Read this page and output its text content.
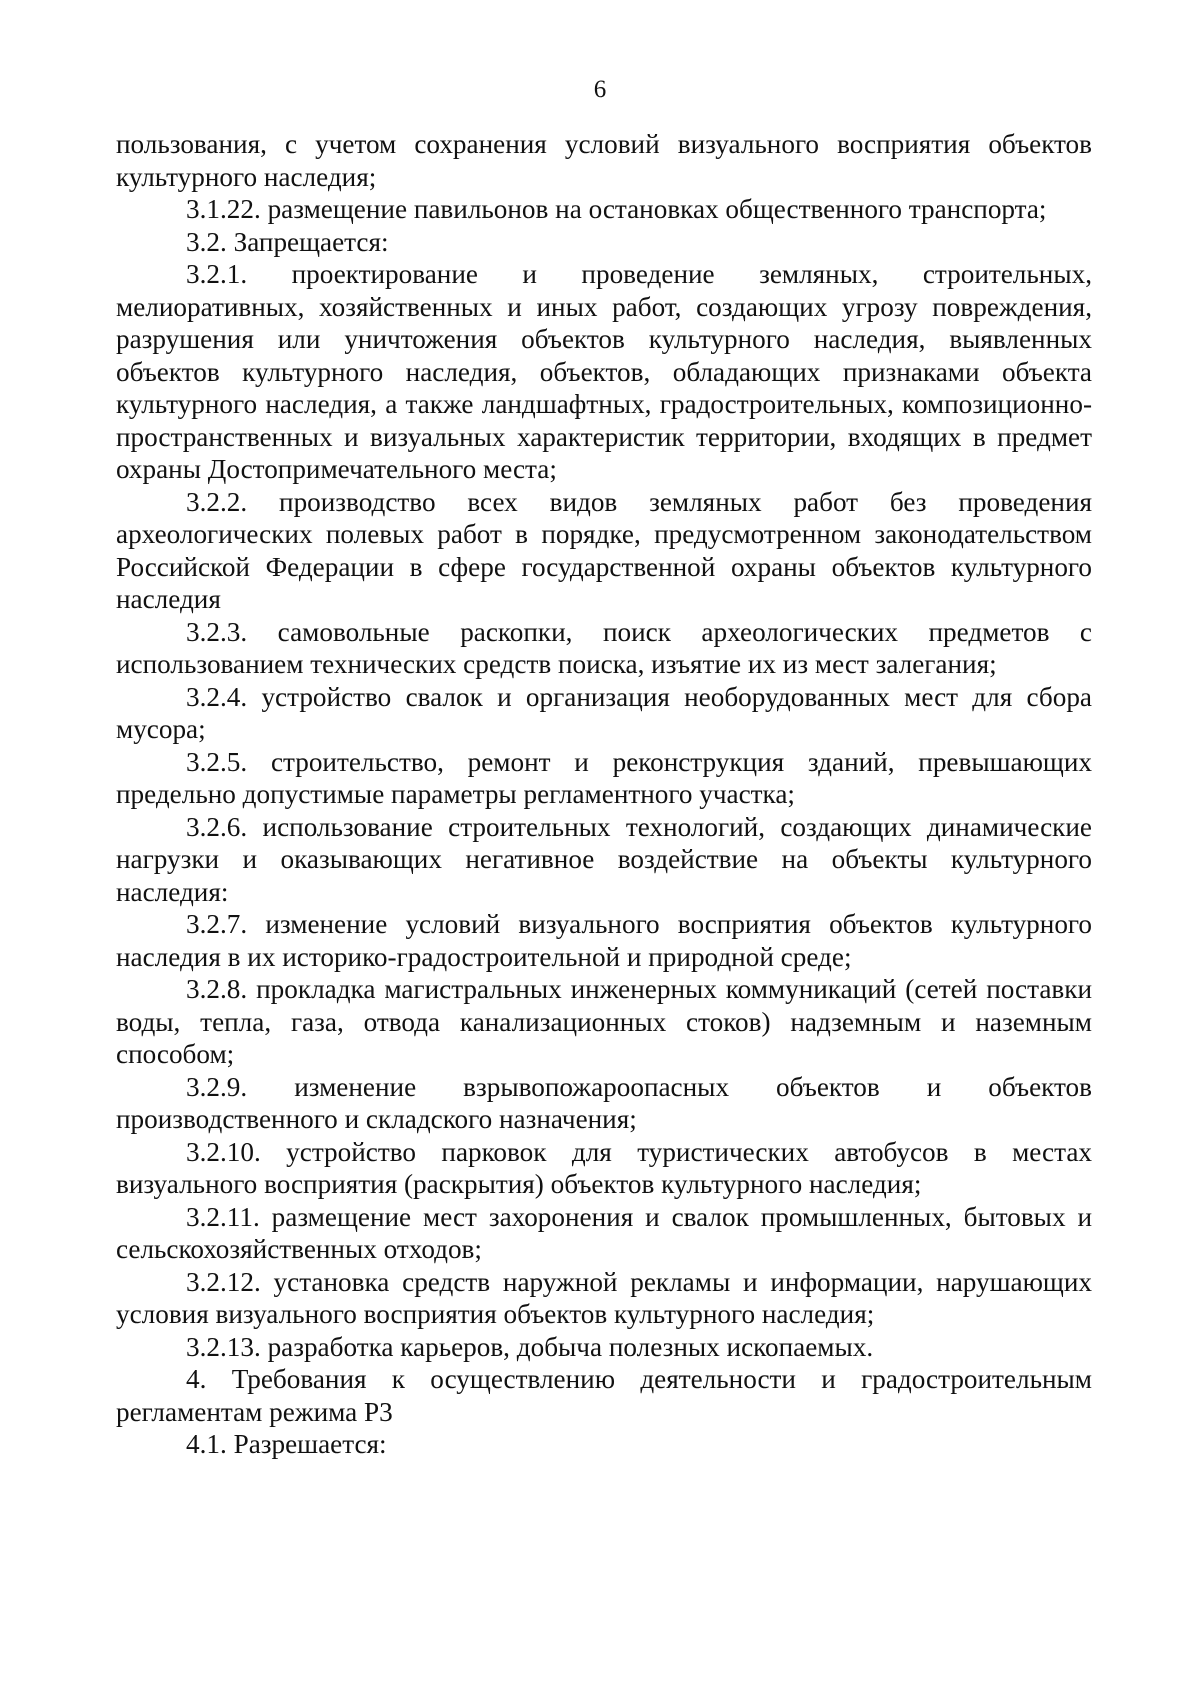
6

пользования, с учетом сохранения условий визуального восприятия объектов культурного наследия;

3.1.22. размещение павильонов на остановках общественного транспорта;

3.2. Запрещается:

3.2.1. проектирование и проведение земляных, строительных, мелиоративных, хозяйственных и иных работ, создающих угрозу повреждения, разрушения или уничтожения объектов культурного наследия, выявленных объектов культурного наследия, объектов, обладающих признаками объекта культурного наследия, а также ландшафтных, градостроительных, композиционно-пространственных и визуальных характеристик территории, входящих в предмет охраны Достопримечательного места;

3.2.2. производство всех видов земляных работ без проведения археологических полевых работ в порядке, предусмотренном законодательством Российской Федерации в сфере государственной охраны объектов культурного наследия

3.2.3. самовольные раскопки, поиск археологических предметов с использованием технических средств поиска, изъятие их из мест залегания;

3.2.4. устройство свалок и организация необорудованных мест для сбора мусора;

3.2.5. строительство, ремонт и реконструкция зданий, превышающих предельно допустимые параметры регламентного участка;

3.2.6. использование строительных технологий, создающих динамические нагрузки и оказывающих негативное воздействие на объекты культурного наследия:

3.2.7. изменение условий визуального восприятия объектов культурного наследия в их историко-градостроительной и природной среде;

3.2.8. прокладка магистральных инженерных коммуникаций (сетей поставки воды, тепла, газа, отвода канализационных стоков) надземным и наземным способом;

3.2.9. изменение взрывопожароопасных объектов и объектов производственного и складского назначения;

3.2.10. устройство парковок для туристических автобусов в местах визуального восприятия (раскрытия) объектов культурного наследия;

3.2.11. размещение мест захоронения и свалок промышленных, бытовых и сельскохозяйственных отходов;

3.2.12. установка средств наружной рекламы и информации, нарушающих условия визуального восприятия объектов культурного наследия;

3.2.13. разработка карьеров, добыча полезных ископаемых.

4. Требования к осуществлению деятельности и градостроительным регламентам режима Р3

4.1. Разрешается:
